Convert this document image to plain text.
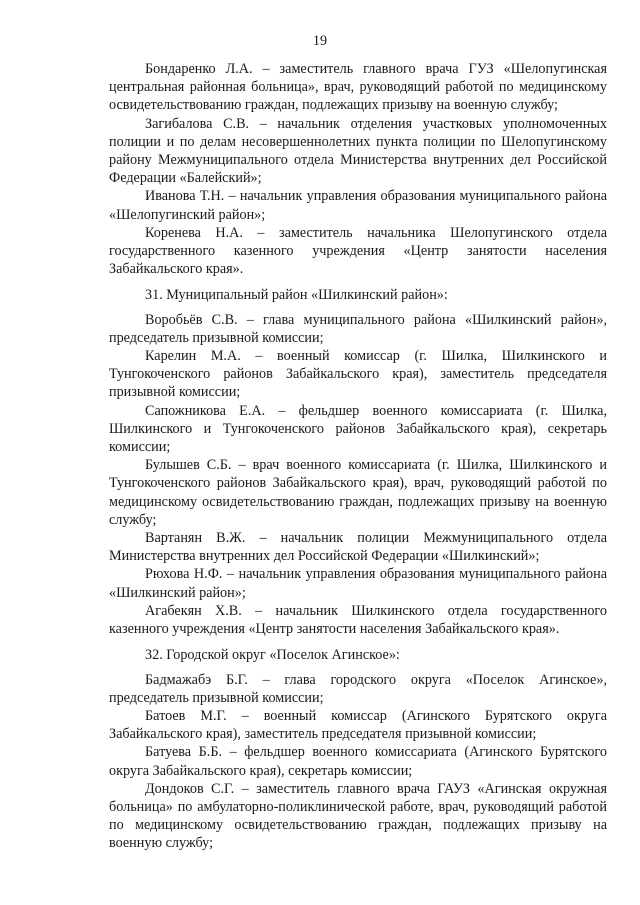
19

Бондаренко Л.А. – заместитель главного врача ГУЗ «Шелопугинская центральная районная больница», врач, руководящий работой по медицинскому освидетельствованию граждан, подлежащих призыву на военную службу;

Загибалова С.В. – начальник отделения участковых уполномоченных полиции и по делам несовершеннолетних пункта полиции по Шелопугинскому району Межмуниципального отдела Министерства внутренних дел Российской Федерации «Балейский»;

Иванова Т.Н. – начальник управления образования муниципального района «Шелопугинский район»;

Коренева Н.А. – заместитель начальника Шелопугинского отдела государственного казенного учреждения «Центр занятости населения Забайкальского края».

31. Муниципальный район «Шилкинский район»:

Воробьёв С.В. – глава муниципального района «Шилкинский район», председатель призывной комиссии;

Карелин М.А. – военный комиссар (г. Шилка, Шилкинского и Тунгокоченского районов Забайкальского края), заместитель председателя призывной комиссии;

Сапожникова Е.А. – фельдшер военного комиссариата (г. Шилка, Шилкинского и Тунгокоченского районов Забайкальского края), секретарь комиссии;

Булышев С.Б. – врач военного комиссариата (г. Шилка, Шилкинского и Тунгокоченского районов Забайкальского края), врач, руководящий работой по медицинскому освидетельствованию граждан, подлежащих призыву на военную службу;

Вартанян В.Ж. – начальник полиции Межмуниципального отдела Министерства внутренних дел Российской Федерации «Шилкинский»;

Рюхова Н.Ф. – начальник управления образования муниципального района «Шилкинский район»;

Агабекян Х.В. – начальник Шилкинского отдела государственного казенного учреждения «Центр занятости населения Забайкальского края».

32. Городской округ «Поселок Агинское»:

Бадмажабэ Б.Г. – глава городского округа «Поселок Агинское», председатель призывной комиссии;

Батоев М.Г. – военный комиссар (Агинского Бурятского округа Забайкальского края), заместитель председателя призывной комиссии;

Батуева Б.Б. – фельдшер военного комиссариата (Агинского Бурятского округа Забайкальского края), секретарь комиссии;

Дондоков С.Г. – заместитель главного врача ГАУЗ «Агинская окружная больница» по амбулаторно-поликлинической работе, врач, руководящий работой по медицинскому освидетельствованию граждан, подлежащих призыву на военную службу;
